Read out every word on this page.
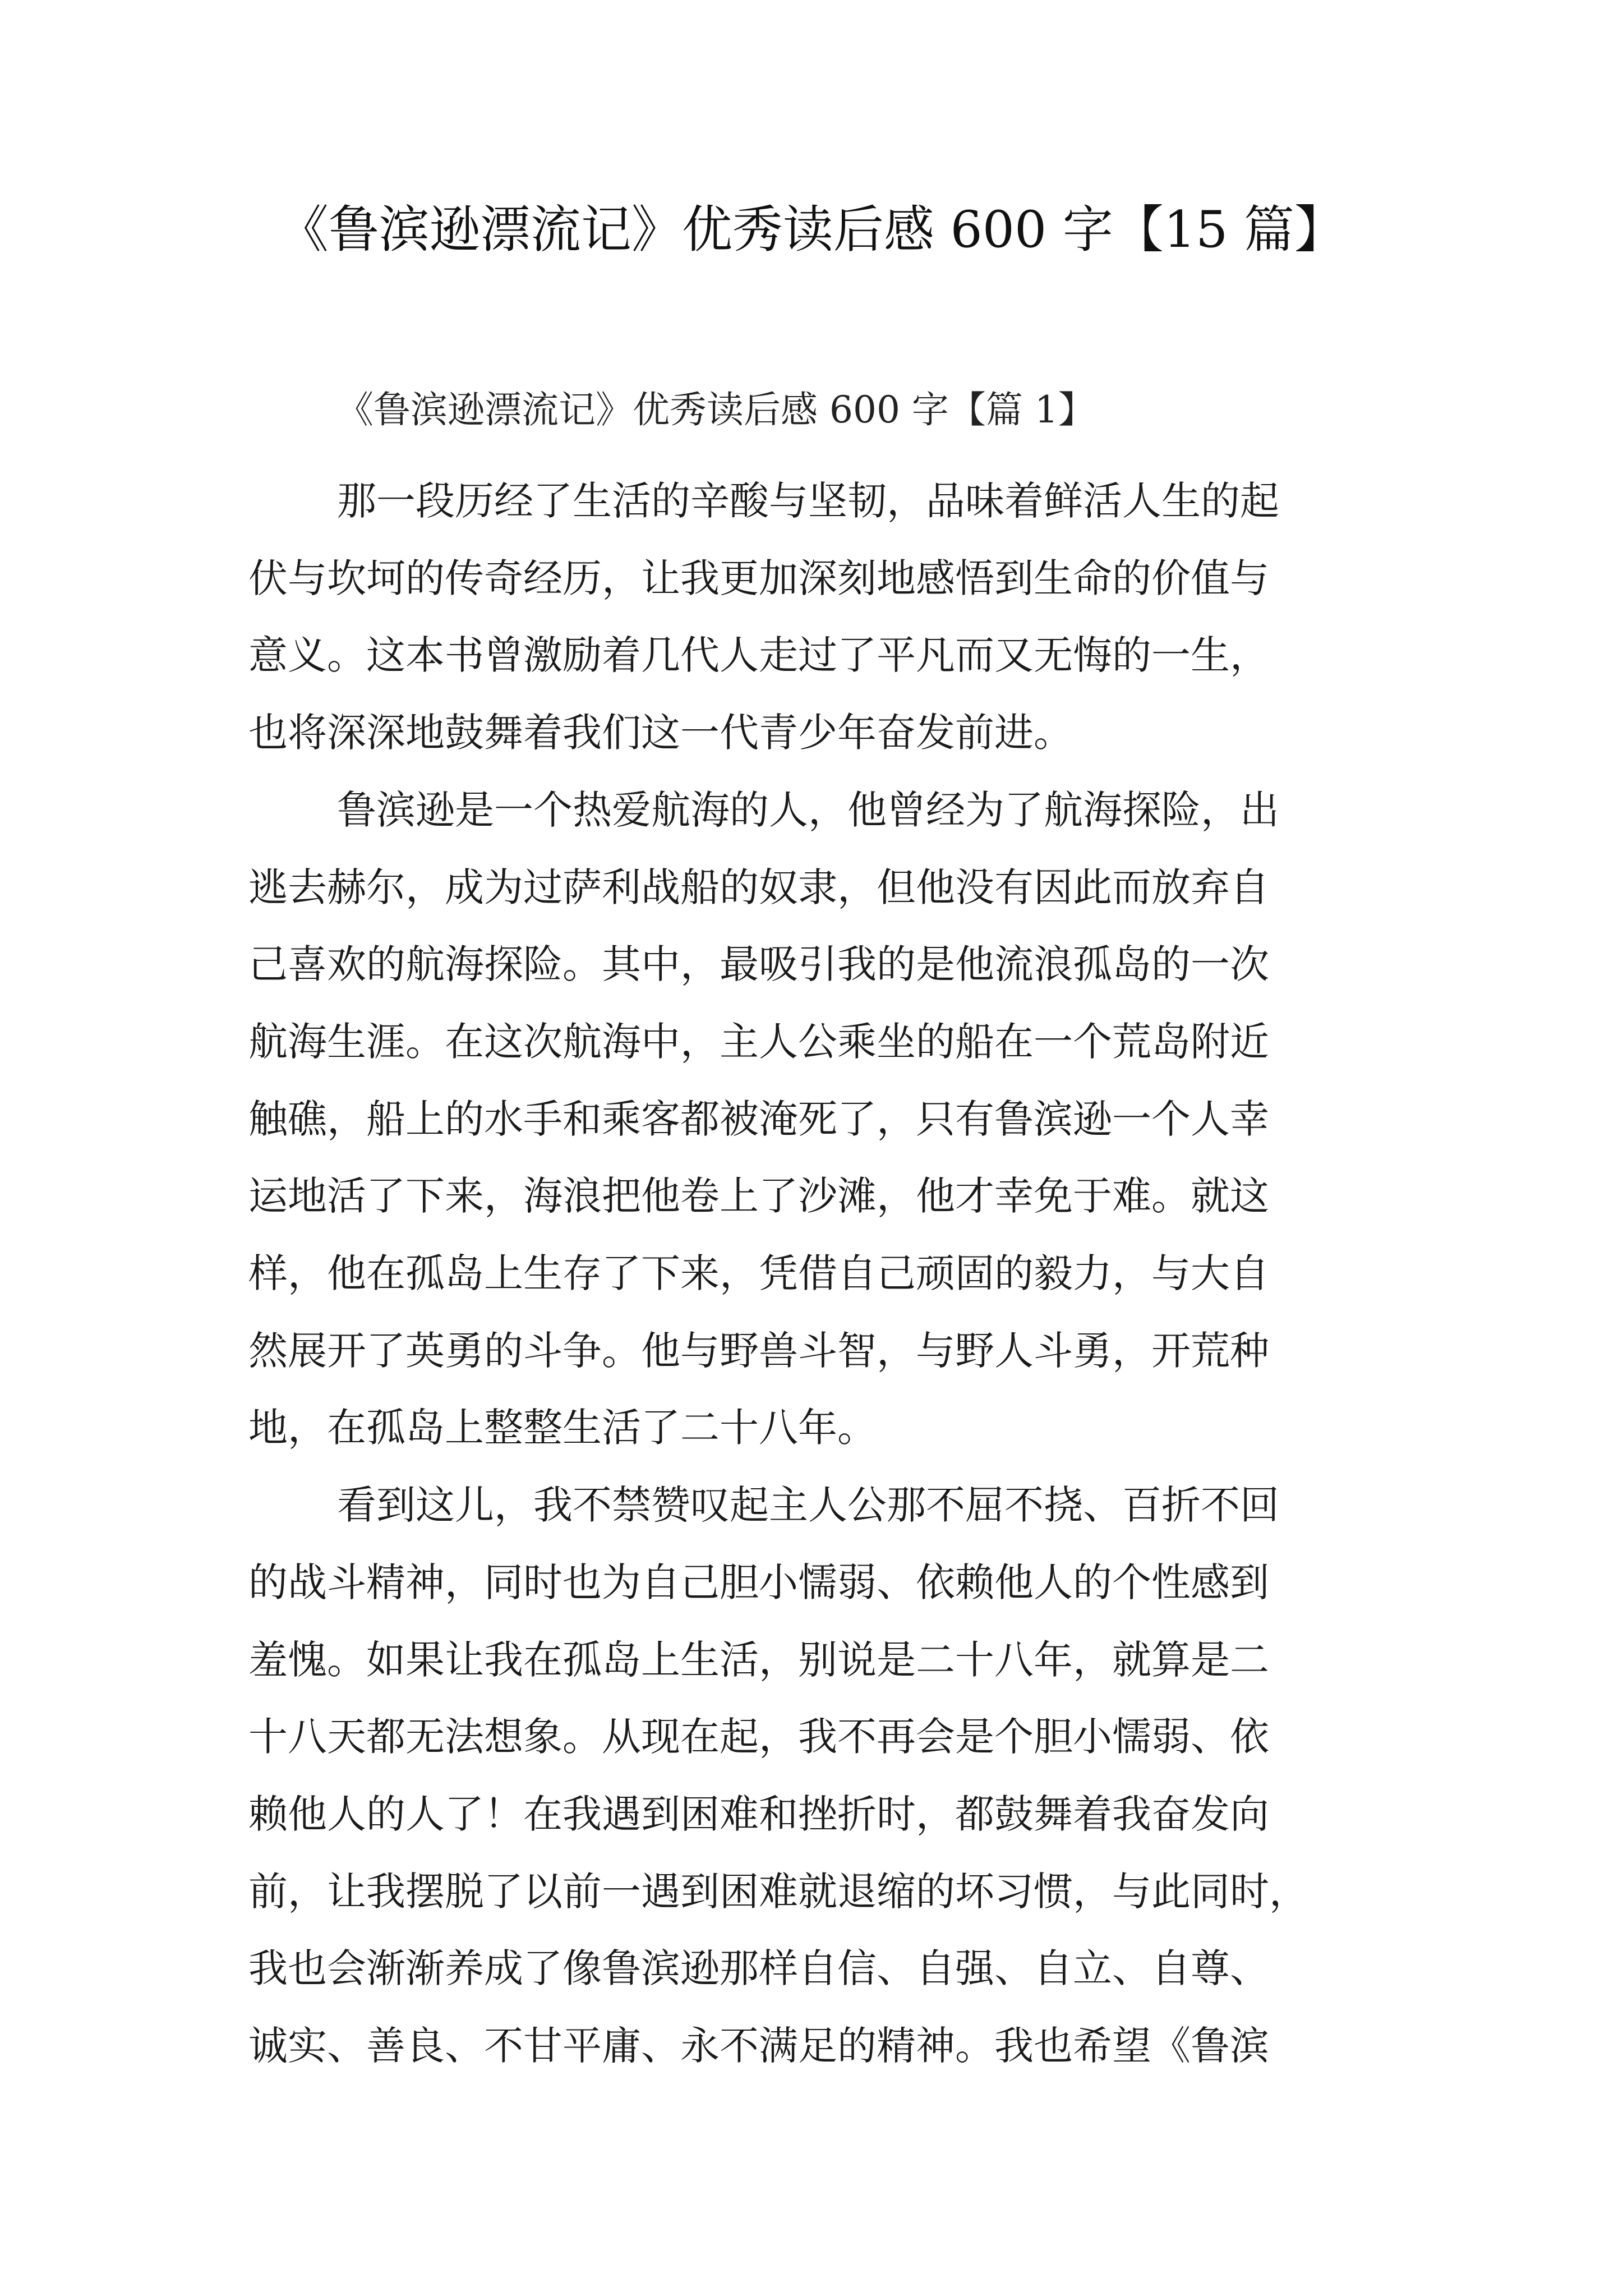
《鲁滨逊漂流记》优秀读后感 600 字【15 篇】
《鲁滨逊漂流记》优秀读后感 600 字【篇 1】

那一段历经了生活的辛酸与坚韧，品味着鲜活人生的起
伏与坎坷的传奇经历，让我更加深刻地感悟到生命的价值与
意义。这本书曾激励着几代人走过了平凡而又无悔的一生，
也将深深地鼓舞着我们这一代青少年奋发前进。

鲁滨逊是一个热爱航海的人，他曾经为了航海探险，出
逃去赫尔，成为过萨利战船的奴隶，但他没有因此而放弃自
己喜欢的航海探险。其中，最吸引我的是他流浪孤岛的一次
航海生涯。在这次航海中，主人公乘坐的船在一个荒岛附近
触礁，船上的水手和乘客都被淹死了，只有鲁滨逊一个人幸
运地活了下来，海浪把他卷上了沙滩，他才幸免于难。就这
样，他在孤岛上生存了下来，凭借自己顽固的毅力，与大自
然展开了英勇的斗争。他与野兽斗智，与野人斗勇，开荒种
地，在孤岛上整整生活了二十八年。

看到这儿，我不禁赞叹起主人公那不屈不挠、百折不回
的战斗精神，同时也为自己胆小懦弱、依赖他人的个性感到
羞愧。如果让我在孤岛上生活，别说是二十八年，就算是二
十八天都无法想象。从现在起，我不再会是个胆小懦弱、依
赖他人的人了！在我遇到困难和挫折时，都鼓舞着我奋发向
前，让我摆脱了以前一遇到困难就退缩的坏习惯，与此同时，
我也会渐渐养成了像鲁滨逊那样自信、自强、自立、自尊、
诚实、善良、不甘平庸、永不满足的精神。我也希望《鲁滨
